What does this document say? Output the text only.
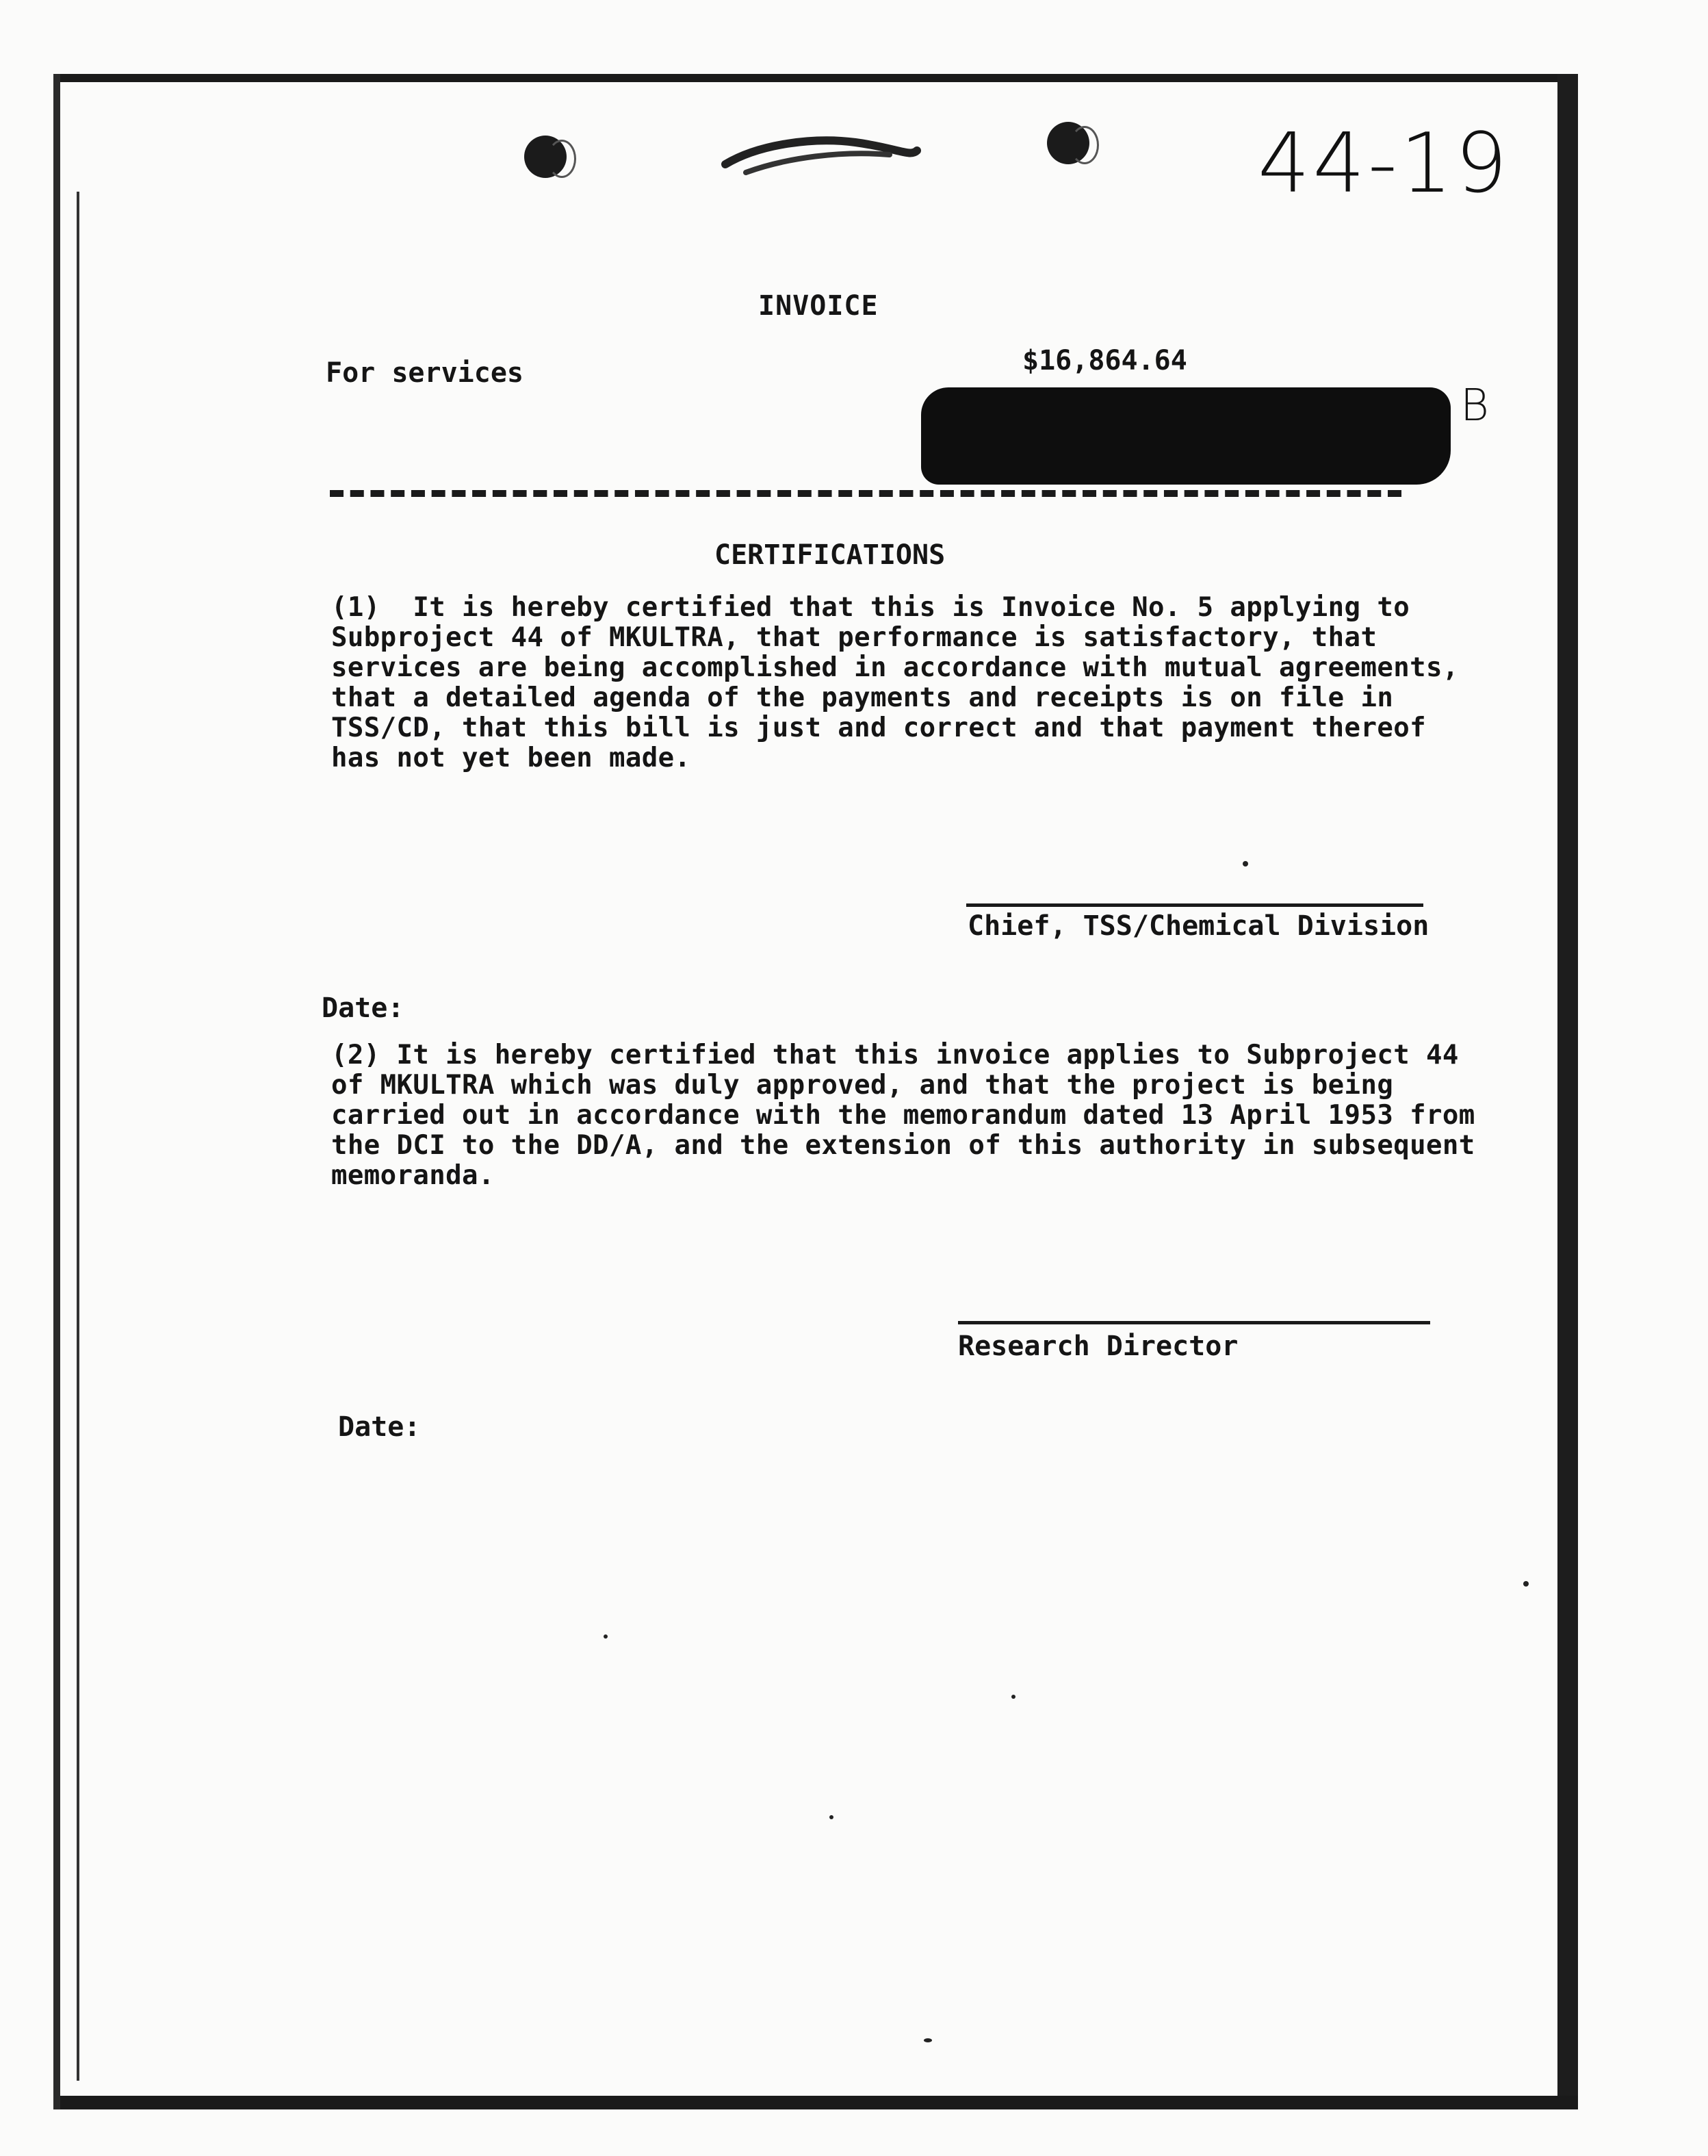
44-19
INVOICE
For services	$16,864.64
B
CERTIFICATIONS
(1)  It is hereby certified that this is Invoice No. 5 applying to
Subproject 44 of MKULTRA, that performance is satisfactory, that
services are being accomplished in accordance with mutual agreements,
that a detailed agenda of the payments and receipts is on file in
TSS/CD, that this bill is just and correct and that payment thereof
has not yet been made.
Chief, TSS/Chemical Division
Date:
(2) It is hereby certified that this invoice applies to Subproject 44
of MKULTRA which was duly approved, and that the project is being
carried out in accordance with the memorandum dated 13 April 1953 from
the DCI to the DD/A, and the extension of this authority in subsequent
memoranda.
Research Director
Date:
